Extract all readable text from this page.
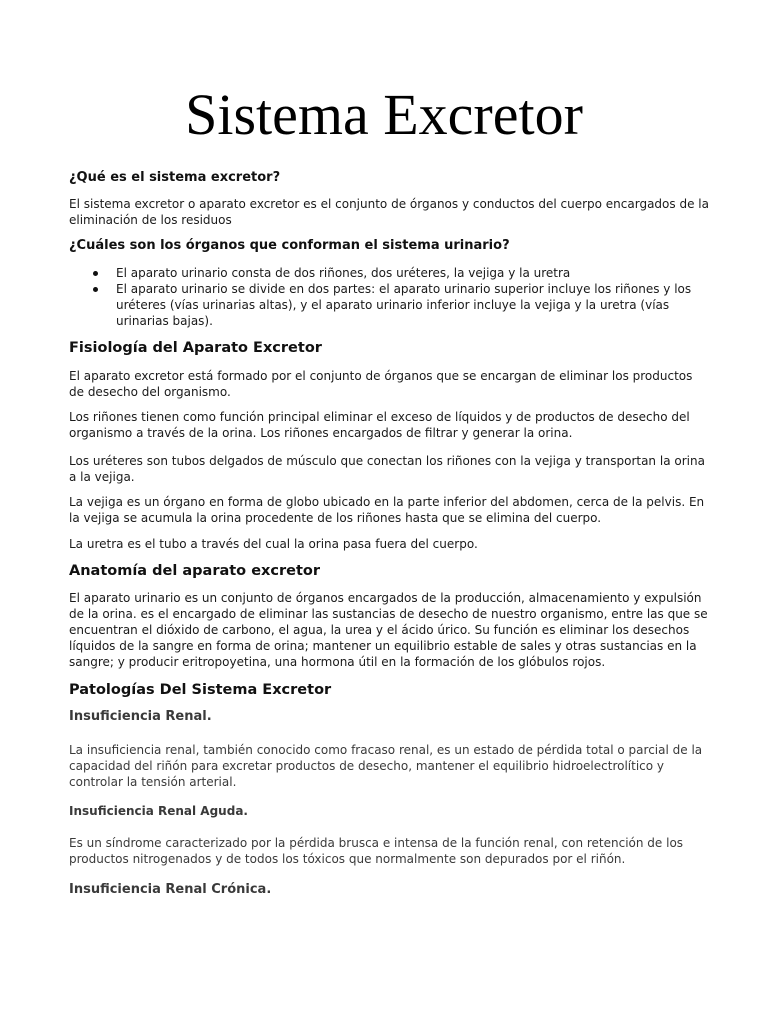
Sistema Excretor
¿Qué es el sistema excretor?
El sistema excretor o aparato excretor es el conjunto de órganos y conductos del cuerpo encargados de la eliminación de los residuos
¿Cuáles son los órganos que conforman el sistema urinario?
El aparato urinario consta de dos riñones, dos uréteres, la vejiga y la uretra
El aparato urinario se divide en dos partes: el aparato urinario superior incluye los riñones y los uréteres (vías urinarias altas), y el aparato urinario inferior incluye la vejiga y la uretra (vías urinarias bajas).
Fisiología del Aparato Excretor
El aparato excretor está formado por el conjunto de órganos que se encargan de eliminar los productos de desecho del organismo.
Los riñones tienen como función principal eliminar el exceso de líquidos y de productos de desecho del organismo a través de la orina. Los riñones encargados de filtrar y generar la orina.
Los uréteres son tubos delgados de músculo que conectan los riñones con la vejiga y transportan la orina a la vejiga.
La vejiga es un órgano en forma de globo ubicado en la parte inferior del abdomen, cerca de la pelvis. En la vejiga se acumula la orina procedente de los riñones hasta que se elimina del cuerpo.
La uretra es el tubo a través del cual la orina pasa fuera del cuerpo.
Anatomía del aparato excretor
El aparato urinario es un conjunto de órganos encargados de la producción, almacenamiento y expulsión de la orina. es el encargado de eliminar las sustancias de desecho de nuestro organismo, entre las que se encuentran el dióxido de carbono, el agua, la urea y el ácido úrico. Su función es eliminar los desechos líquidos de la sangre en forma de orina; mantener un equilibrio estable de sales y otras sustancias en la sangre; y producir eritropoyetina, una hormona útil en la formación de los glóbulos rojos.
Patologías Del Sistema Excretor
Insuficiencia Renal.
La insuficiencia renal, también conocido como fracaso renal, es un estado de pérdida total o parcial de la capacidad del riñón para excretar productos de desecho, mantener el equilibrio hidroelectrolítico y controlar la tensión arterial.
Insuficiencia Renal Aguda.
Es un síndrome caracterizado por la pérdida brusca e intensa de la función renal, con retención de los productos nitrogenados y de todos los tóxicos que normalmente son depurados por el riñón.
Insuficiencia Renal Crónica.
